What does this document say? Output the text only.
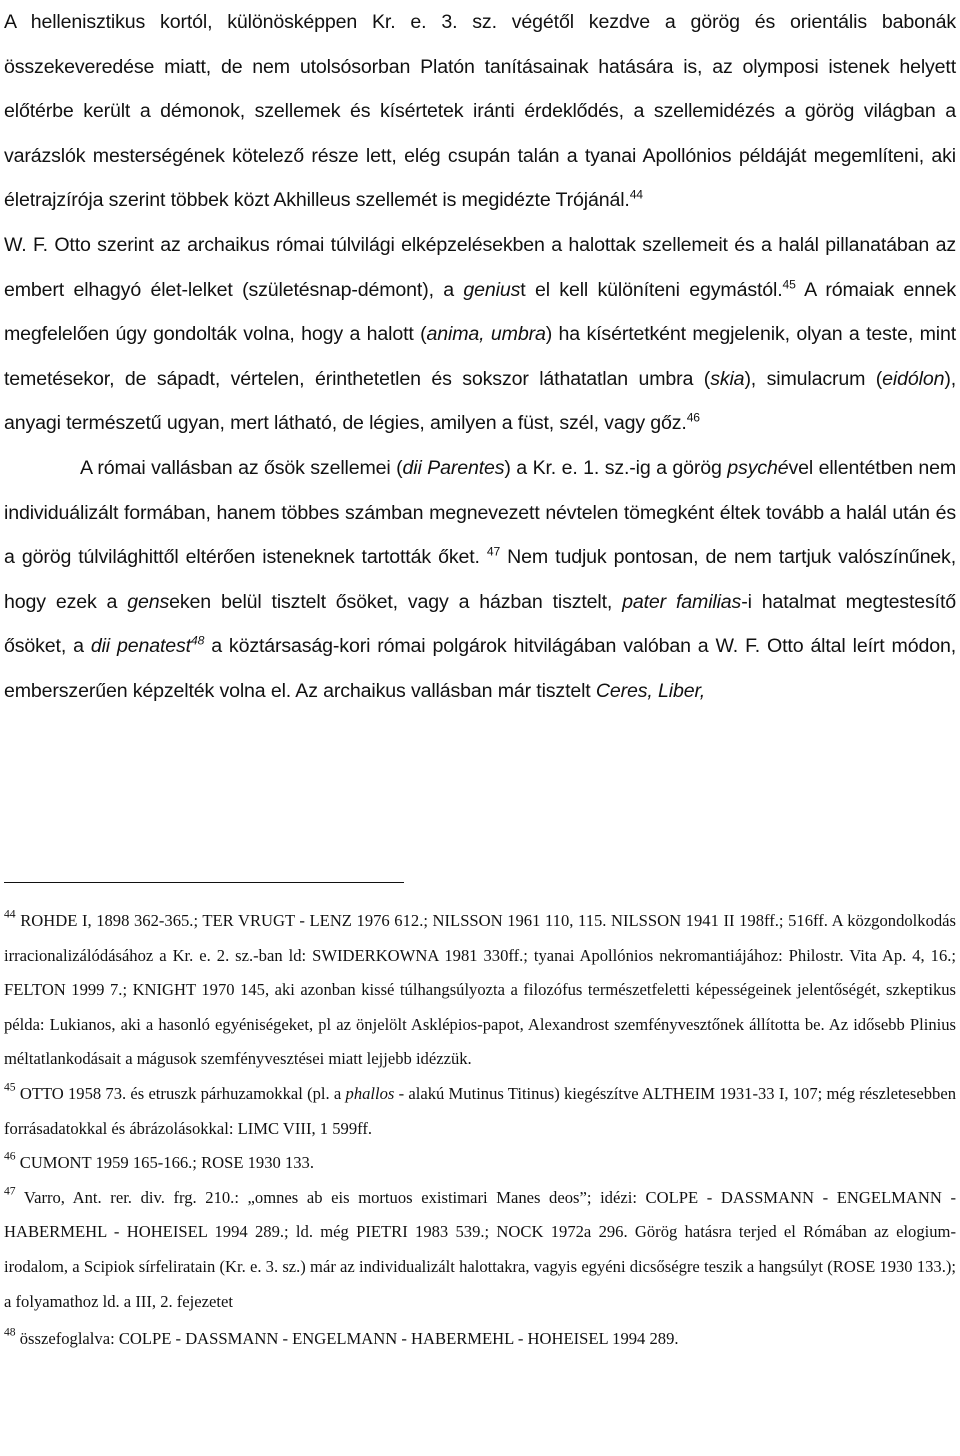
A hellenisztikus kortól, különösképpen Kr. e. 3. sz. végétől kezdve a görög és orientális babonák összekeveredése miatt, de nem utolsósorban Platón tanításainak hatására is, az olymposi istenek helyett előtérbe került a démonok, szellemek és kísértetek iránti érdeklődés, a szellemidézés a görög világban a varázslók mesterségének kötelező része lett, elég csupán talán a tyanai Apollónios példáját megemlíteni, aki életrajzírója szerint többek közt Akhilleus szellemét is megidézte Trójánál.$^{44}$

W. F. Otto szerint az archaikus római túlvilági elképzelésekben a halottak szellemeit és a halál pillanatában az embert elhagyó élet-lelket (születésnap-démont), a geniust el kell különíteni egymástól.$^{45}$ A rómaiak ennek megfelelően úgy gondolták volna, hogy a halott (anima, umbra) ha kísértetként megjelenik, olyan a teste, mint temetésekor, de sápadt, vértelen, érinthetetlen és sokszor láthatatlan umbra (skia), simulacrum (eidólon), anyagi természetű ugyan, mert látható, de légies, amilyen a füst, szél, vagy gőz.$^{46}$

A római vallásban az ősök szellemei (dii Parentes) a Kr. e. 1. sz.-ig a görög psychével ellentétben nem individuálizált formában, hanem többes számban megnevezett névtelen tömegként éltek tovább a halál után és a görög túlvilághittől eltérően isteneknek tartották őket. $^{47}$ Nem tudjuk pontosan, de nem tartjuk valószínűnek, hogy ezek a genseken belül tisztelt ősöket, vagy a házban tisztelt, pater familias-i hatalmat megtestesítő ősöket, a dii penatest$^{48}$ a köztársaság-kori római polgárok hitvilágában valóban a W. F. Otto által leírt módon, emberszerűen képzelték volna el. Az archaikus vallásban már tisztelt Ceres, Liber,

$^{44}$ ROHDE I, 1898 362-365.; TER VRUGT - LENZ 1976 612.; NILSSON 1961 110, 115. NILSSON 1941 II 198ff.; 516ff. A közgondolkodás irracionalizálódásához a Kr. e. 2. sz.-ban ld: SWIDERKOWNA 1981 330ff.; tyanai Apollónios nekromantiájához: Philostr. Vita Ap. 4, 16.; FELTON 1999 7.; KNIGHT 1970 145, aki azonban kissé túlhangsúlyozta a filozófus természetfeletti képességeinek jelentőségét, szkeptikus példa: Lukianos, aki a hasonló egyéniségeket, pl az önjelölt Asklépios-papot, Alexandrost szemfényvesztőnek állította be. Az idősebb Plinius méltatlankodásait a mágusok szemfényvesztései miatt lejjebb idézzük.

$^{45}$ OTTO 1958 73. és etruszk párhuzamokkal (pl. a phallos - alakú Mutinus Titinus) kiegészítve ALTHEIM 1931-33 I, 107; még részletesebben forrásadatokkal és ábrázolásokkal: LIMC VIII, 1 599ff.

$^{46}$ CUMONT 1959 165-166.; ROSE 1930 133.

$^{47}$ Varro, Ant. rer. div. frg. 210.: „omnes ab eis mortuos existimari Manes deos”; idézi: COLPE - DASSMANN - ENGELMANN - HABERMEHL - HOHEISEL 1994 289.; ld. még PIETRI 1983 539.; NOCK 1972a 296. Görög hatásra terjed el Rómában az elogium-irodalom, a Scipiok sírfeliratain (Kr. e. 3. sz.) már az individualizált halottakra, vagyis egyéni dicsőségre teszik a hangsúlyt (ROSE 1930 133.); a folyamathoz ld. a III, 2. fejezetet

$^{48}$ összefoglalva: COLPE - DASSMANN - ENGELMANN - HABERMEHL - HOHEISEL 1994 289.
